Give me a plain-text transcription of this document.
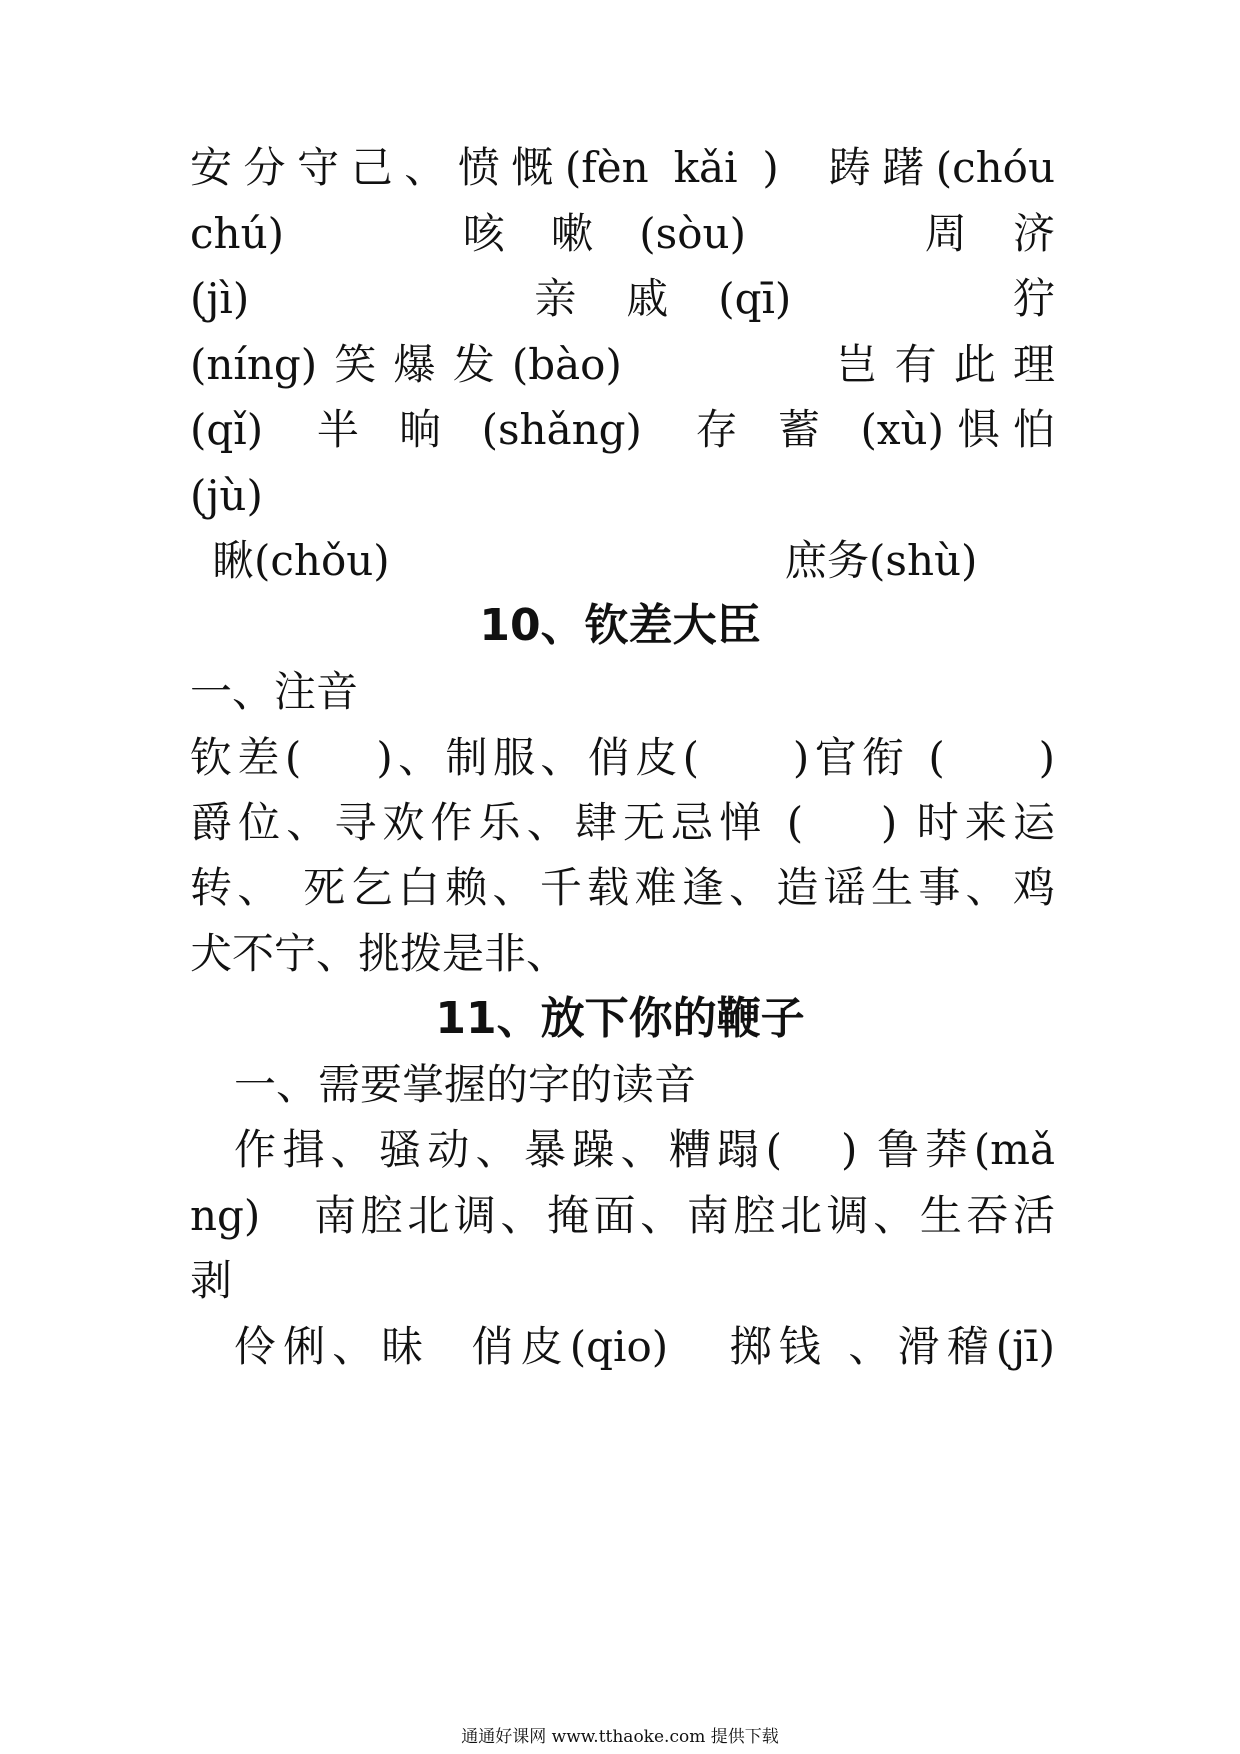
安分守己、愤慨(fèn kǎi )  踌躇(chóu
chú)      咳 嗽 (sòu)      周 济
(jì)         亲 戚 (qī)       狞
(níng)笑爆发(bào)       岂有此理
(qǐ)  半 晌 (shǎng)  存 蓄 (xù)惧怕
(jù)
瞅(chǒu)	庶务(shù)
10、钦差大臣
一、注音
钦差(    )、制服、俏皮(     )官衔 (     )
爵位、寻欢作乐、肆无忌惮 (    ) 时来运
转、 死乞白赖、千载难逢、造谣生事、鸡
犬不宁、挑拨是非、
11、放下你的鞭子
一、需要掌握的字的读音
作揖、骚动、暴躁、糟蹋(   ) 鲁莽(mǎ
ng)   南腔北调、掩面、南腔北调、生吞活
剥
伶俐、昧  俏皮(qio)   掷钱 、滑稽(jī)
通通好课网 www.tthaoke.com 提供下载
